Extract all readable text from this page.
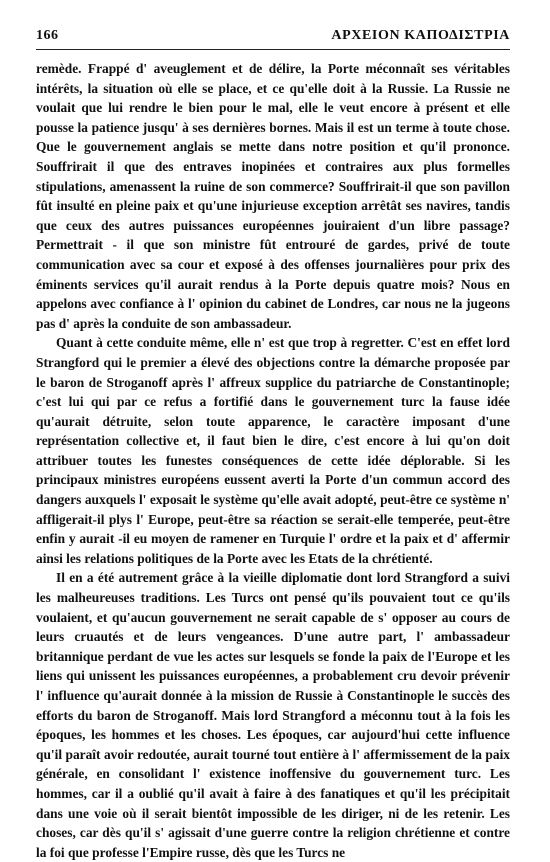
166	ΑΡΧΕΙΟΝ ΚΑΠΟΔΙΣΤΡΙΑ

remède. Frappé d' aveuglement et de délire, la Porte méconnaît ses véritables intérêts, la situation où elle se place, et ce qu'elle doit à la Russie. La Russie ne voulait que lui rendre le bien pour le mal, elle le veut encore à présent et elle pousse la patience jusqu' à ses dernières bornes. Mais il est un terme à toute chose. Que le gouvernement anglais se mette dans notre position et qu'il prononce. Souffrirait il que des entraves inopinées et contraires aux plus formelles stipulations, amenassent la ruine de son commerce? Souffrirait-il que son pavillon fût insulté en pleine paix et qu'une injurieuse exception arrêtât ses navires, tandis que ceux des autres puissances européennes jouiraient d'un libre passage? Permettrait - il que son ministre fût entrouré de gardes, privé de toute communication avec sa cour et exposé à des offenses journalières pour prix des éminents services qu'il aurait rendus à la Porte depuis quatre mois? Nous en appelons avec confiance à l' opinion du cabinet de Londres, car nous ne la jugeons pas d' après la conduite de son ambassadeur.

Quant à cette conduite même, elle n' est que trop à regretter. C'est en effet lord Strangford qui le premier a élevé des objections contre la démarche proposée par le baron de Stroganoff après l' affreux supplice du patriarche de Constantinople; c'est lui qui par ce refus a fortifié dans le gouvernement turc la fause idée qu'aurait détruite, selon toute apparence, le caractère imposant d'une représentation collective et, il faut bien le dire, c'est encore à lui qu'on doit attribuer toutes les funestes conséquences de cette idée déplorable. Si les principaux ministres européens eussent averti la Porte d'un commun accord des dangers auxquels l' exposait le système qu'elle avait adopté, peut-être ce système n' affligerait-il plys l' Europe, peut-être sa réaction se serait-elle temperée, peut-être enfin y aurait -il eu moyen de ramener en Turquie l' ordre et la paix et d' affermir ainsi les relations politiques de la Porte avec les Etats de la chrétienté.

Il en a été autrement grâce à la vieille diplomatie dont lord Strangford a suivi les malheureuses traditions. Les Turcs ont pensé qu'ils pouvaient tout ce qu'ils voulaient, et qu'aucun gouvernement ne serait capable de s' opposer au cours de leurs cruautés et de leurs vengeances. D'une autre part, l' ambassadeur britannique perdant de vue les actes sur lesquels se fonde la paix de l'Europe et les liens qui unissent les puissances européennes, a probablement cru devoir prévenir l' influence qu'aurait donnée à la mission de Russie à Constantinople le succès des efforts du baron de Stroganoff. Mais lord Strangford a méconnu tout à la fois les époques, les hommes et les choses. Les époques, car aujourd'hui cette influence qu'il paraît avoir redoutée, aurait tourné tout entière à l' affermissement de la paix générale, en consolidant l' existence inoffensive du gouvernement turc. Les hommes, car il a oublié qu'il avait à faire à des fanatiques et qu'il les précipitait dans une voie où il serait bientôt impossible de les diriger, ni de les retenir. Les choses, car dès qu'il s' agissait d'une guerre contre la religion chrétienne et contre la foi que professe l'Empire russe, dès que les Turcs ne
